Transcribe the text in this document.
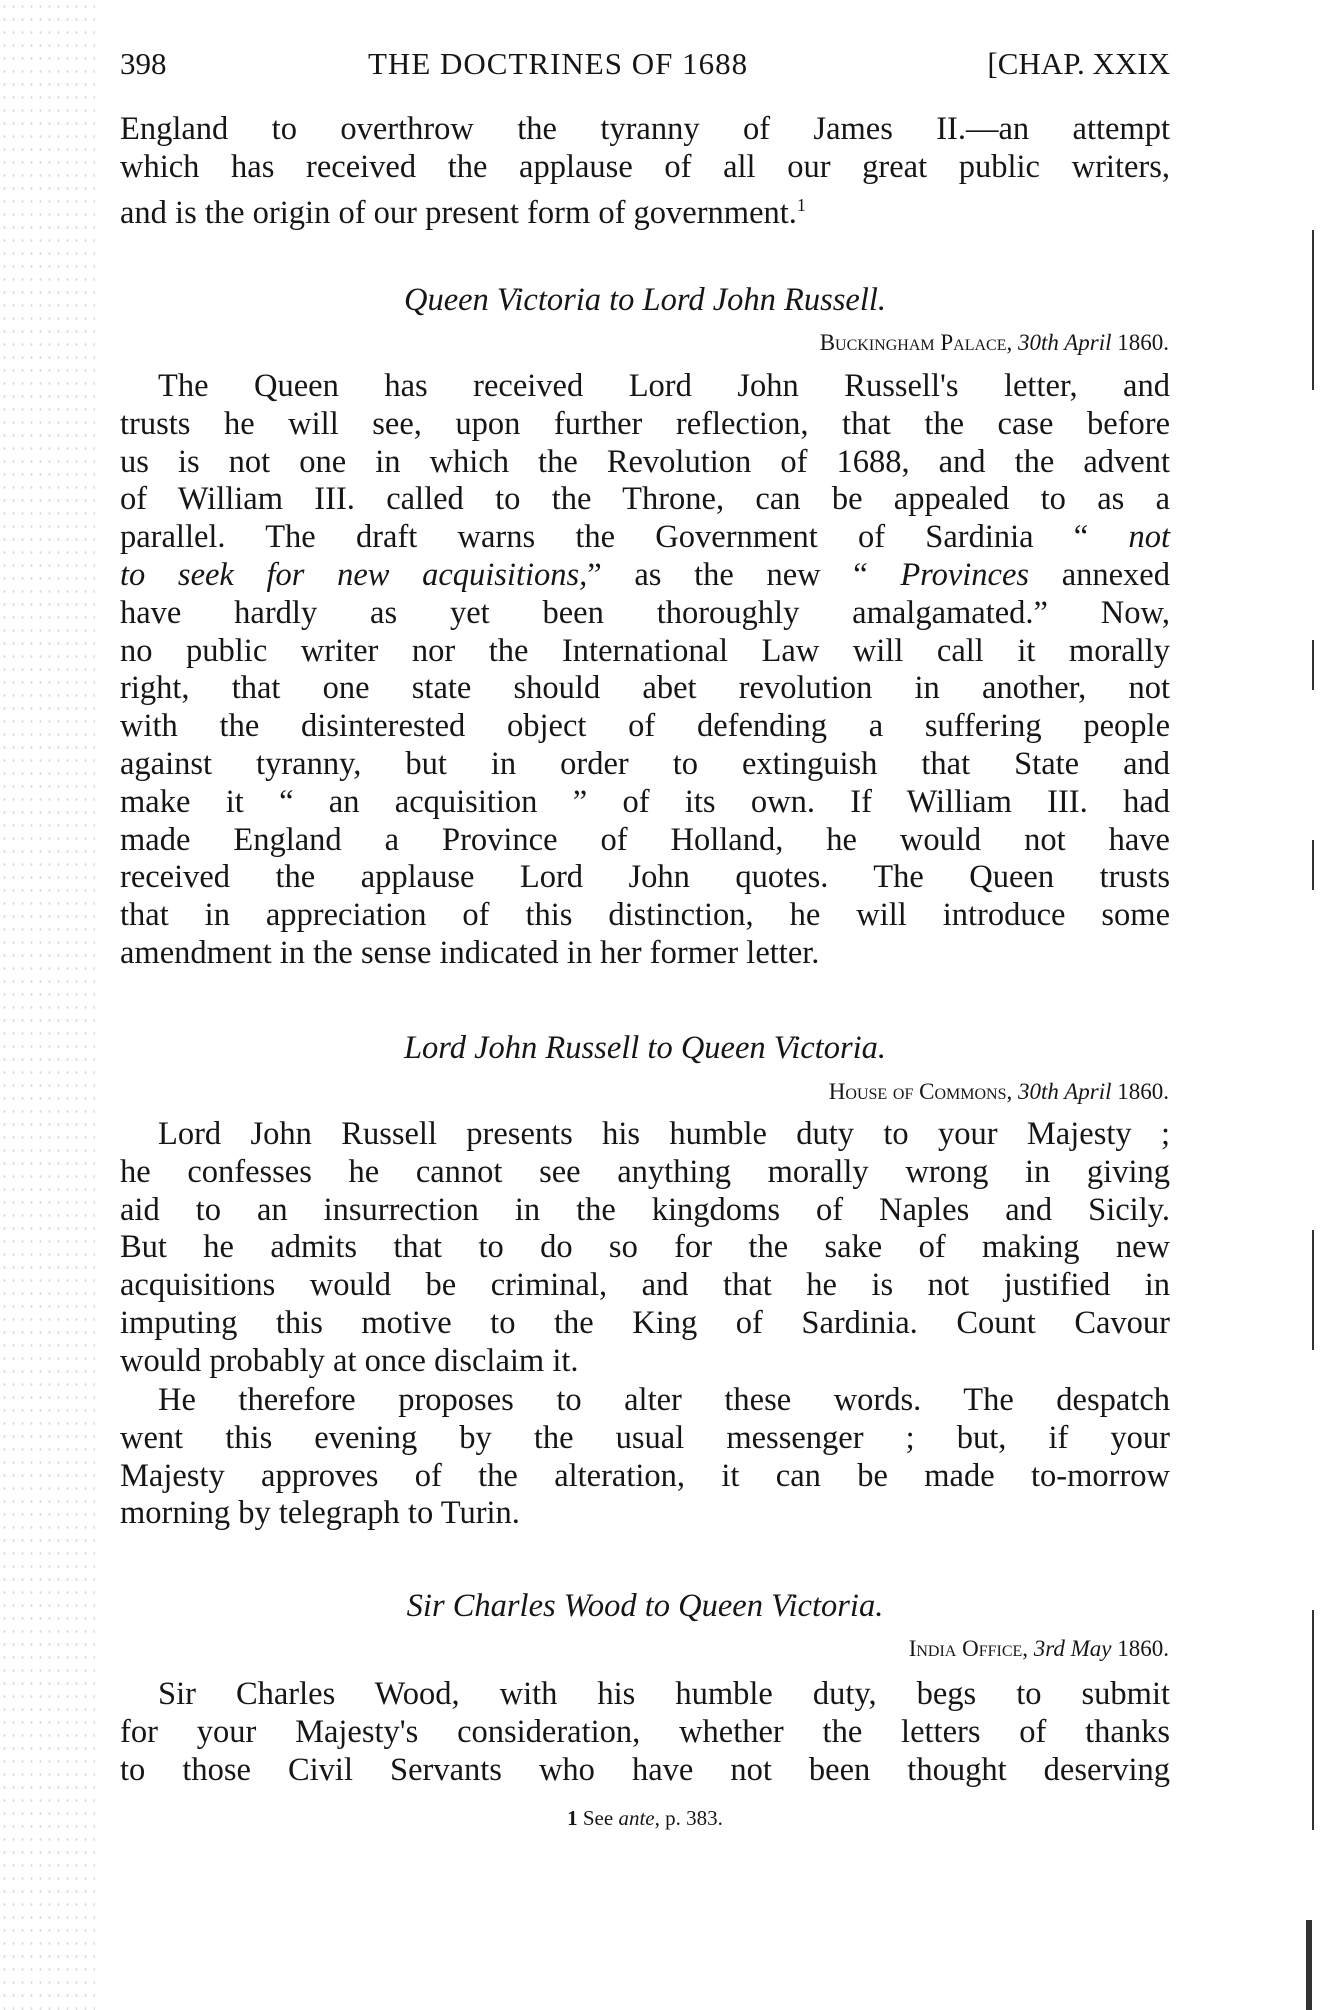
398	THE DOCTRINES OF 1688	[CHAP. XXIX
England to overthrow the tyranny of James II.—an attempt
which has received the applause of all our great public writers,
and is the origin of our present form of government.$^1$
Queen Victoria to Lord John Russell.
Buckingham Palace, 30th April 1860.
The Queen has received Lord John Russell's letter, and
trusts he will see, upon further reflection, that the case before
us is not one in which the Revolution of 1688, and the advent
of William III. called to the Throne, can be appealed to as a
parallel. The draft warns the Government of Sardinia “ not
to seek for new acquisitions,” as the new “ Provinces annexed
have hardly as yet been thoroughly amalgamated.” Now,
no public writer nor the International Law will call it morally
right, that one state should abet revolution in another, not
with the disinterested object of defending a suffering people
against tyranny, but in order to extinguish that State and
make it “ an acquisition ” of its own. If William III. had
made England a Province of Holland, he would not have
received the applause Lord John quotes. The Queen trusts
that in appreciation of this distinction, he will introduce some
amendment in the sense indicated in her former letter.
Lord John Russell to Queen Victoria.
House of Commons, 30th April 1860.
Lord John Russell presents his humble duty to your Majesty ;
he confesses he cannot see anything morally wrong in giving
aid to an insurrection in the kingdoms of Naples and Sicily.
But he admits that to do so for the sake of making new
acquisitions would be criminal, and that he is not justified in
imputing this motive to the King of Sardinia. Count Cavour
would probably at once disclaim it.
He therefore proposes to alter these words. The despatch
went this evening by the usual messenger ; but, if your
Majesty approves of the alteration, it can be made to-morrow
morning by telegraph to Turin.
Sir Charles Wood to Queen Victoria.
India Office, 3rd May 1860.
Sir Charles Wood, with his humble duty, begs to submit
for your Majesty's consideration, whether the letters of thanks
to those Civil Servants who have not been thought deserving
1 See ante, p. 383.
